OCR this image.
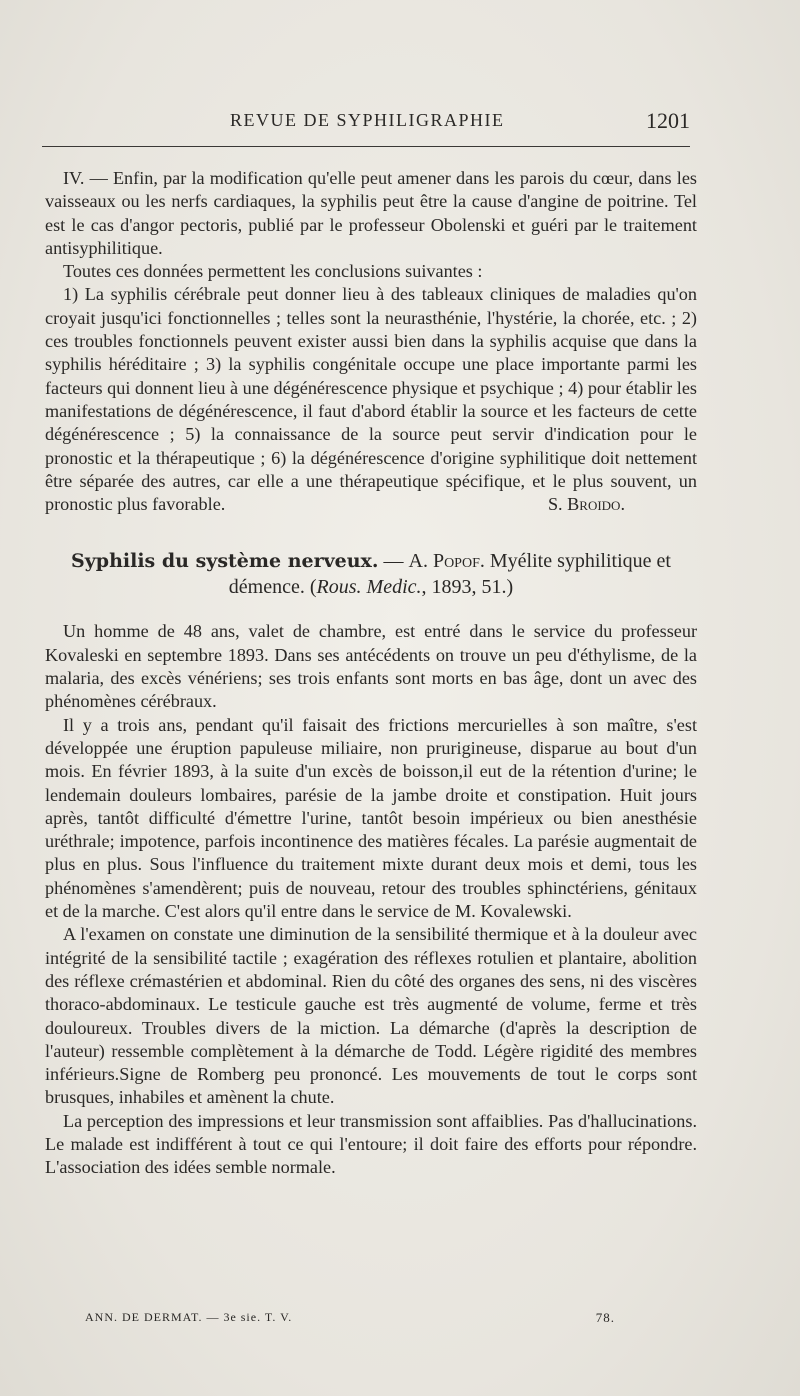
REVUE DE SYPHILIGRAPHIE	1201

IV. — Enfin, par la modification qu'elle peut amener dans les parois du cœur, dans les vaisseaux ou les nerfs cardiaques, la syphilis peut être la cause d'angine de poitrine. Tel est le cas d'angor pectoris, publié par le professeur Obolenski et guéri par le traitement antisyphilitique.

Toutes ces données permettent les conclusions suivantes :

1) La syphilis cérébrale peut donner lieu à des tableaux cliniques de maladies qu'on croyait jusqu'ici fonctionnelles ; telles sont la neurasthénie, l'hystérie, la chorée, etc. ; 2) ces troubles fonctionnels peuvent exister aussi bien dans la syphilis acquise que dans la syphilis héréditaire ; 3) la syphilis congénitale occupe une place importante parmi les facteurs qui donnent lieu à une dégénérescence physique et psychique ; 4) pour établir les manifestations de dégénérescence, il faut d'abord établir la source et les facteurs de cette dégénérescence ; 5) la connaissance de la source peut servir d'indication pour le pronostic et la thérapeutique ; 6) la dégénérescence d'origine syphilitique doit nettement être séparée des autres, car elle a une thérapeutique spécifique, et le plus souvent, un pronostic plus favorable.	S. Broido.

Syphilis du système nerveux. — A. Popof. Myélite syphilitique et démence. (Rous. Medic., 1893, 51.)

Un homme de 48 ans, valet de chambre, est entré dans le service du professeur Kovaleski en septembre 1893. Dans ses antécédents on trouve un peu d'éthylisme, de la malaria, des excès vénériens; ses trois enfants sont morts en bas âge, dont un avec des phénomènes cérébraux.

Il y a trois ans, pendant qu'il faisait des frictions mercurielles à son maître, s'est développée une éruption papuleuse miliaire, non prurigineuse, disparue au bout d'un mois. En février 1893, à la suite d'un excès de boisson,il eut de la rétention d'urine; le lendemain douleurs lombaires, parésie de la jambe droite et constipation. Huit jours après, tantôt difficulté d'émettre l'urine, tantôt besoin impérieux ou bien anesthésie uréthrale; impotence, parfois incontinence des matières fécales. La parésie augmentait de plus en plus. Sous l'influence du traitement mixte durant deux mois et demi, tous les phénomènes s'amendèrent; puis de nouveau, retour des troubles sphinctériens, génitaux et de la marche. C'est alors qu'il entre dans le service de M. Kovalewski.

A l'examen on constate une diminution de la sensibilité thermique et à la douleur avec intégrité de la sensibilité tactile ; exagération des réflexes rotulien et plantaire, abolition des réflexe crémastérien et abdominal. Rien du côté des organes des sens, ni des viscères thoraco-abdominaux. Le testicule gauche est très augmenté de volume, ferme et très douloureux. Troubles divers de la miction. La démarche (d'après la description de l'auteur) ressemble complètement à la démarche de Todd. Légère rigidité des membres inférieurs.Signe de Romberg peu prononcé. Les mouvements de tout le corps sont brusques, inhabiles et amènent la chute.

La perception des impressions et leur transmission sont affaiblies. Pas d'hallucinations. Le malade est indifférent à tout ce qui l'entoure; il doit faire des efforts pour répondre. L'association des idées semble normale.

ANN. DE DERMAT. — 3e sie. T. V.	78.
